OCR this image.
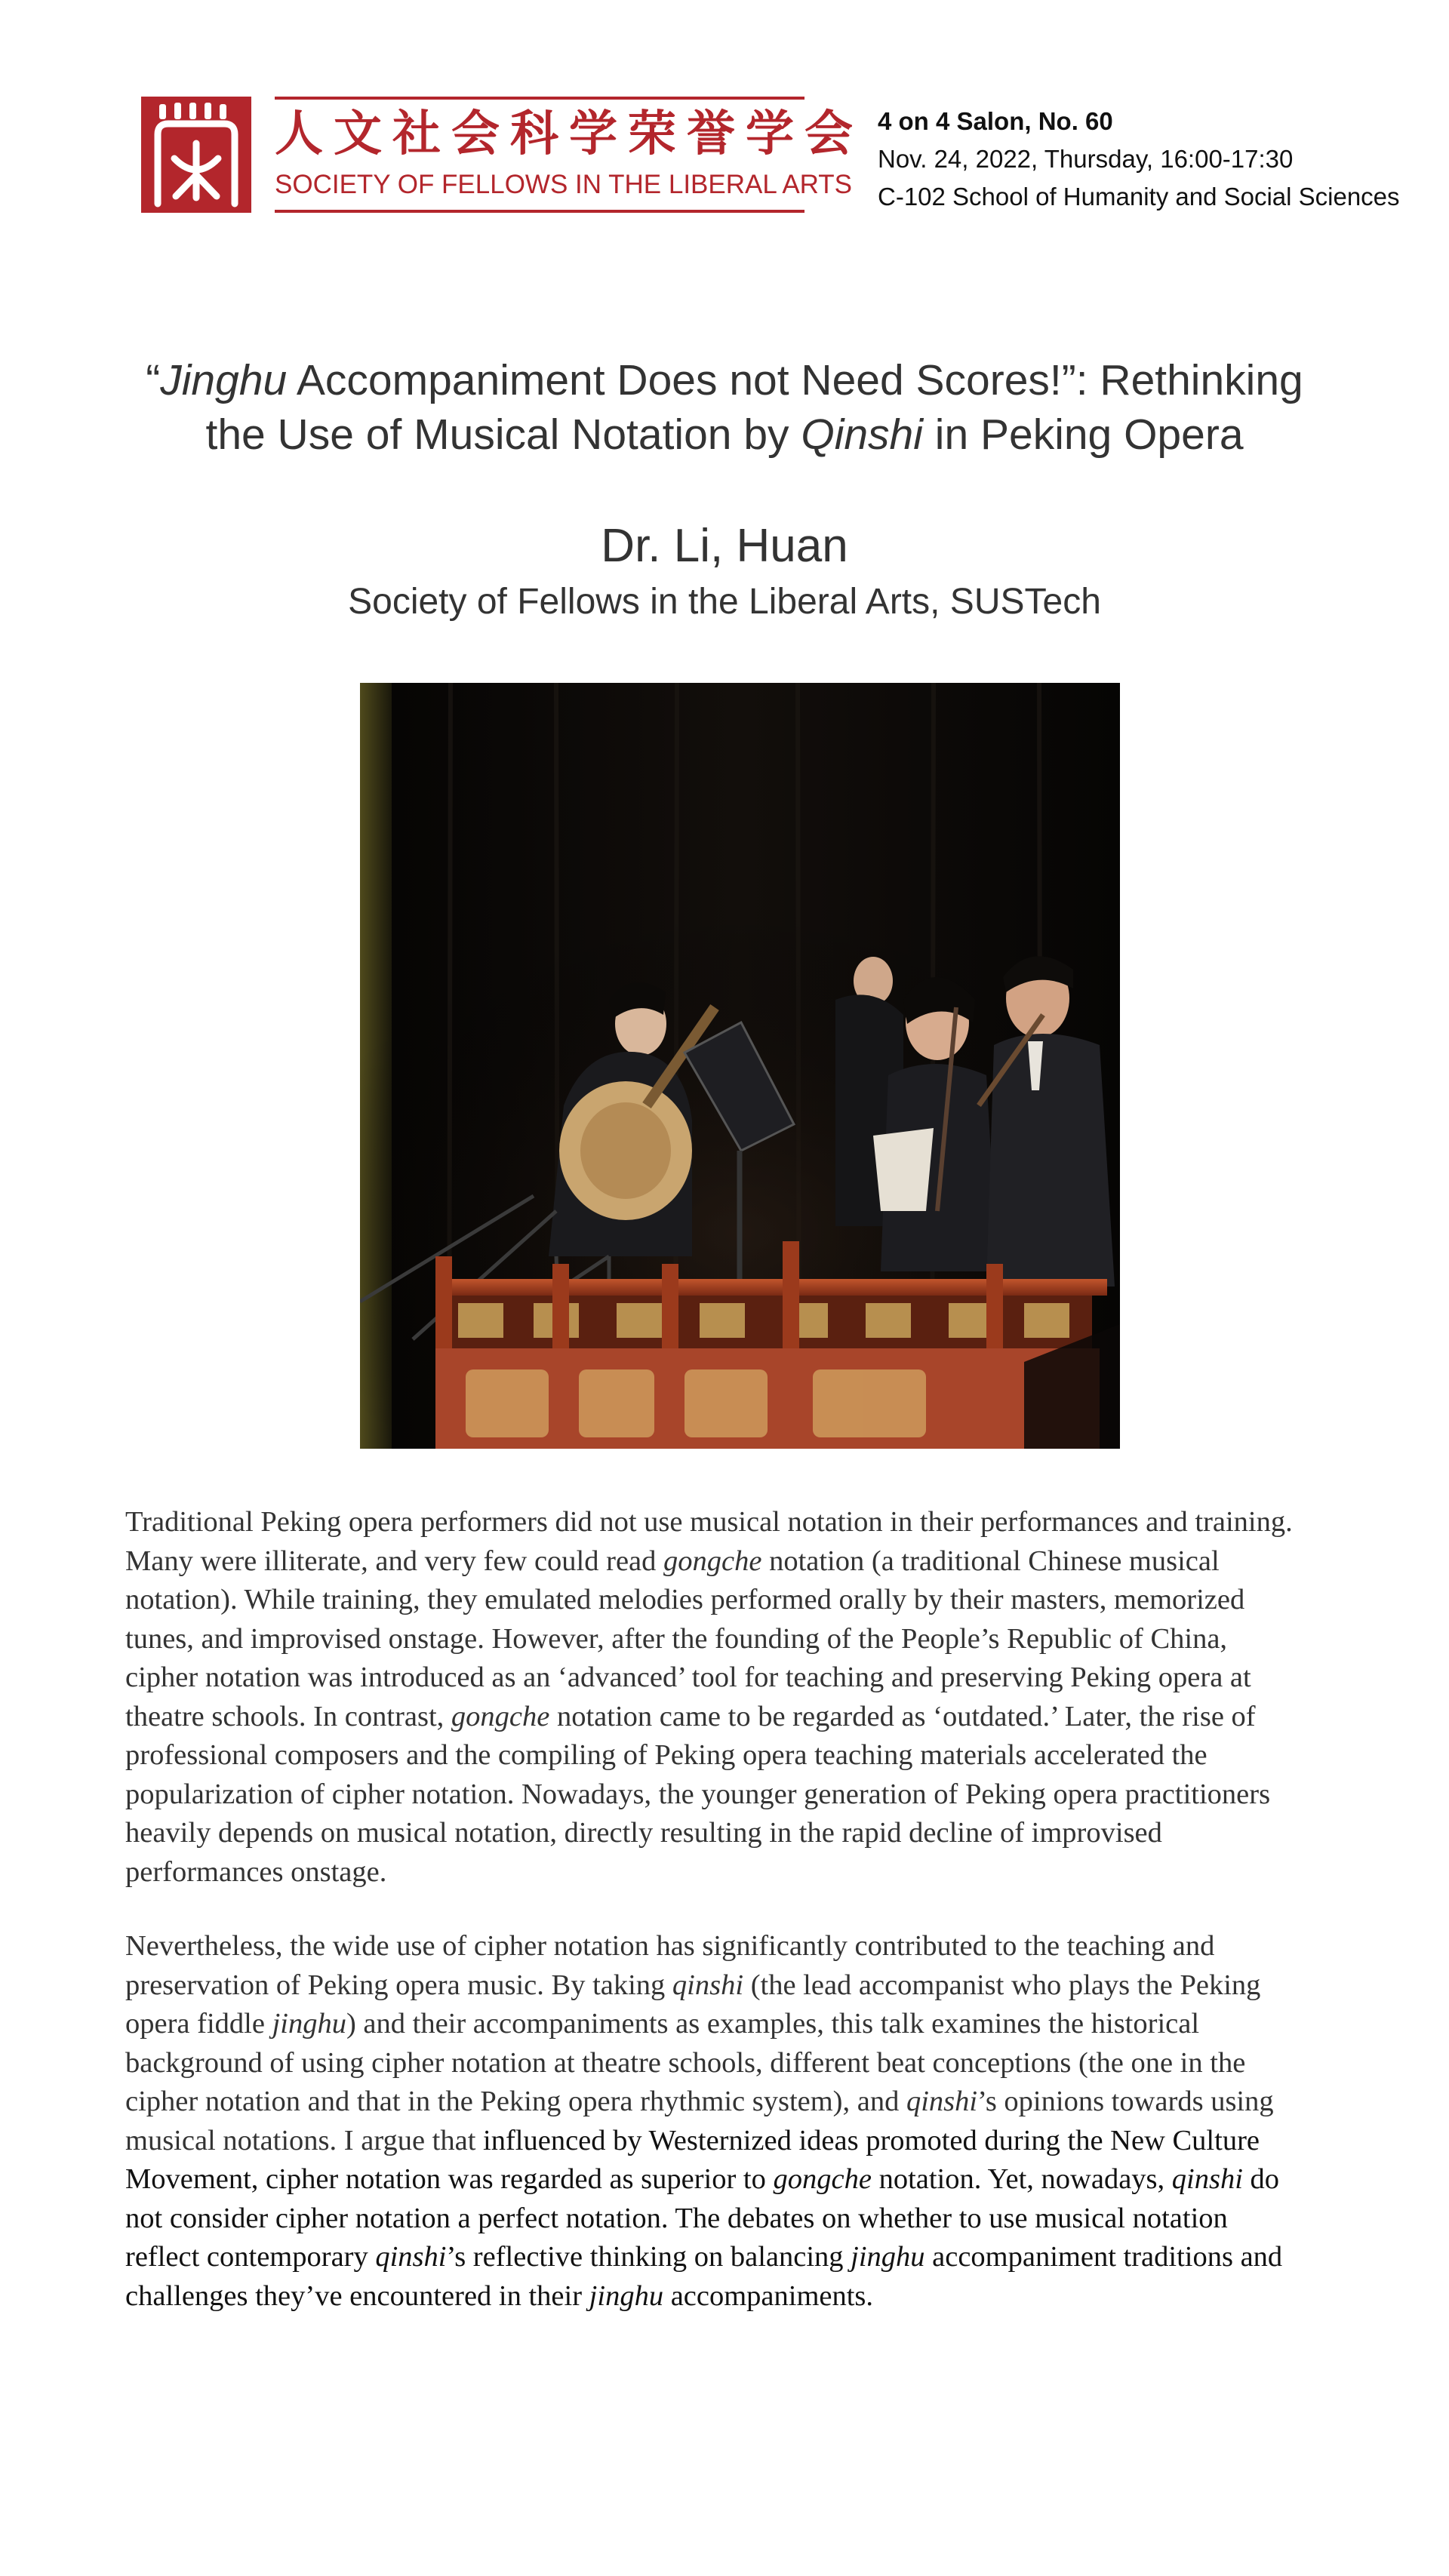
人文社会科学荣誉学会
SOCIETY OF FELLOWS IN THE LIBERAL ARTS
4 on 4 Salon, No. 60
Nov. 24, 2022, Thursday, 16:00-17:30
C-102 School of Humanity and Social Sciences
“Jinghu Accompaniment Does not Need Scores!”: Rethinking
the Use of Musical Notation by Qinshi in Peking Opera
Dr. Li, Huan
Society of Fellows in the Liberal Arts, SUSTech

Traditional Peking opera performers did not use musical notation in their performances and training. Many were illiterate, and very few could read gongche notation (a traditional Chinese musical notation). While training, they emulated melodies performed orally by their masters, memorized tunes, and improvised onstage. However, after the founding of the People’s Republic of China, cipher notation was introduced as an ‘advanced’ tool for teaching and preserving Peking opera at theatre schools. In contrast, gongche notation came to be regarded as ‘outdated.’ Later, the rise of professional composers and the compiling of Peking opera teaching materials accelerated the popularization of cipher notation. Nowadays, the younger generation of Peking opera practitioners heavily depends on musical notation, directly resulting in the rapid decline of improvised performances onstage.

Nevertheless, the wide use of cipher notation has significantly contributed to the teaching and preservation of Peking opera music. By taking qinshi (the lead accompanist who plays the Peking opera fiddle jinghu) and their accompaniments as examples, this talk examines the historical background of using cipher notation at theatre schools, different beat conceptions (the one in the cipher notation and that in the Peking opera rhythmic system), and qinshi’s opinions towards using musical notations. I argue that influenced by Westernized ideas promoted during the New Culture Movement, cipher notation was regarded as superior to gongche notation. Yet, nowadays, qinshi do not consider cipher notation a perfect notation. The debates on whether to use musical notation reflect contemporary qinshi’s reflective thinking on balancing jinghu accompaniment traditions and challenges they’ve encountered in their jinghu accompaniments.
